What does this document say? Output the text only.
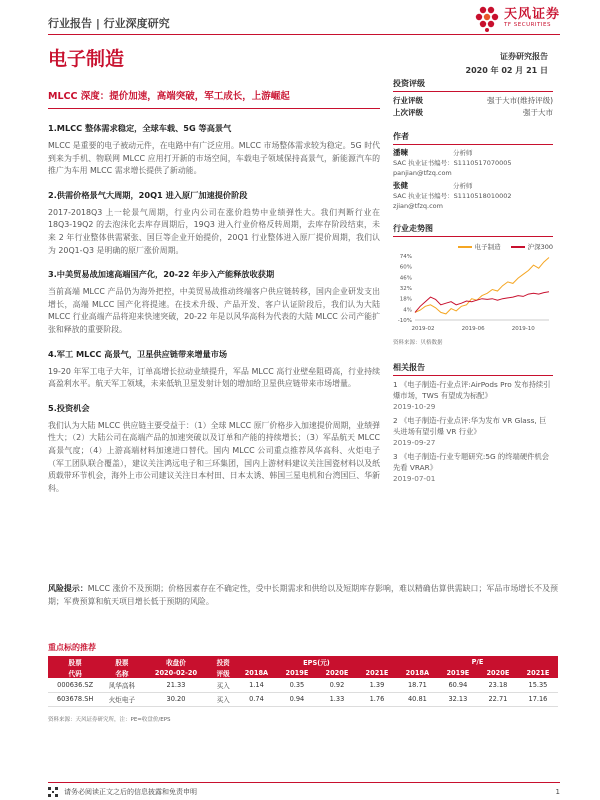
行业报告 | 行业深度研究
天风证券
TF SECURITIES
电子制造	证券研究报告
2020 年 02 月 21 日
MLCC 深度：提价加速，高端突破，军工成长，上游崛起
1.MLCC 整体需求稳定，全球车载、5G 等高景气
MLCC 是重要的电子被动元件，在电路中有广泛应用。MLCC 市场整体需求较为稳定。5G 时代到来为手机、物联网 MLCC 应用打开新的市场空间，车载电子领域保持高景气，新能源汽车的推广为车用 MLCC 需求增长提供了新动能。
2.供需价格景气大周期，20Q1 进入原厂加速提价阶段
2017-2018Q3 上一轮景气周期，行业内公司在涨价趋势中业绩弹性大。我们判断行业在 18Q3-19Q2 的去泡沫化去库存周期后，19Q3 进入行业价格反转周期，去库存阶段结束，未来 2 年行业整体供需紧张、国巨等企业开始提价，20Q1 行业整体进入原厂提价周期，我们认为 20Q1-Q3 是明确的原厂涨价周期。
3.中美贸易战加速高端国产化，20-22 年步入产能释放收获期
当前高端 MLCC 产品仍为海外把控，中美贸易战推动终端客户供应链转移，国内企业研发支出增长，高端 MLCC 国产化将提速。在技术升级、产品开发、客户认证阶段后，我们认为大陆 MLCC 行业高端产品将迎来快速突破，20-22 年是以风华高科为代表的大陆 MLCC 公司产能扩张和释放的重要阶段。
4.军工 MLCC 高景气，卫星供应链带来增量市场
19-20 年军工电子大年，订单高增长拉动业绩提升，军品 MLCC 高行业壁垒阻碍高，行业持续高盈利水平。航天军工领域，未来低轨卫星发射计划的增加给卫星供应链带来市场增量。
5.投资机会
我们认为大陆 MLCC 供应链主要受益于：（1）全球 MLCC 原厂价格步入加速提价周期，业绩弹性大；（2）大陆公司在高端产品的加速突破以及订单和产能的持续增长；（3）军品航天 MLCC 高景气度；（4）上游高端材料加速进口替代。国内 MLCC 公司重点推荐风华高科、火炬电子（军工团队联合覆盖），建议关注鸿远电子和三环集团，国内上游材料建议关注国瓷材料以及纸质载带环节机会，海外上市公司建议关注日本村田、日本太诱、韩国三星电机和台湾国巨、华新科。
投资评级
行业评级	强于大市(维持评级)
上次评级	强于大市
作者
潘暕	分析师
SAC 执业证书编号：S1110517070005
panjian@tfzq.com
张健	分析师
SAC 执业证书编号：S1110518010002
zjian@tfzq.com
行业走势图
电子制造	沪深300
74%
60%
46%
32%
18%
4%
-10%
2019-02	2019-06	2019-10
资料来源：贝格数据
相关报告
1 《电子制造-行业点评:AirPods Pro 发布持续引爆市场，TWS 有望成为标配》
2019-10-29
2 《电子制造-行业点评:华为发布 VR Glass, 巨头进场有望引爆 VR 行业》
2019-09-27
3 《电子制造-行业专题研究:5G 的终端硬件机会先看 VRAR》
2019-07-01
风险提示：MLCC 涨价不及预期；价格因素存在不确定性，受中长期需求和供给以及短期库存影响，难以精确估算供需缺口；军品市场增长不及预期；军费预算和航天项目增长低于预期的风险。
重点标的推荐
股票	股票	收盘价	投资	EPS(元)				P/E			
代码	名称	2020-02-20	评级	2018A	2019E	2020E	2021E	2018A	2019E	2020E	2021E
000636.SZ	风华高科	21.33	买入	1.14	0.35	0.92	1.39	18.71	60.94	23.18	15.35
603678.SH	火炬电子	30.20	买入	0.74	0.94	1.33	1.76	40.81	32.13	22.71	17.16
资料来源：天风证券研究所，注：PE=收盘价/EPS
请务必阅读正文之后的信息披露和免责申明	1
